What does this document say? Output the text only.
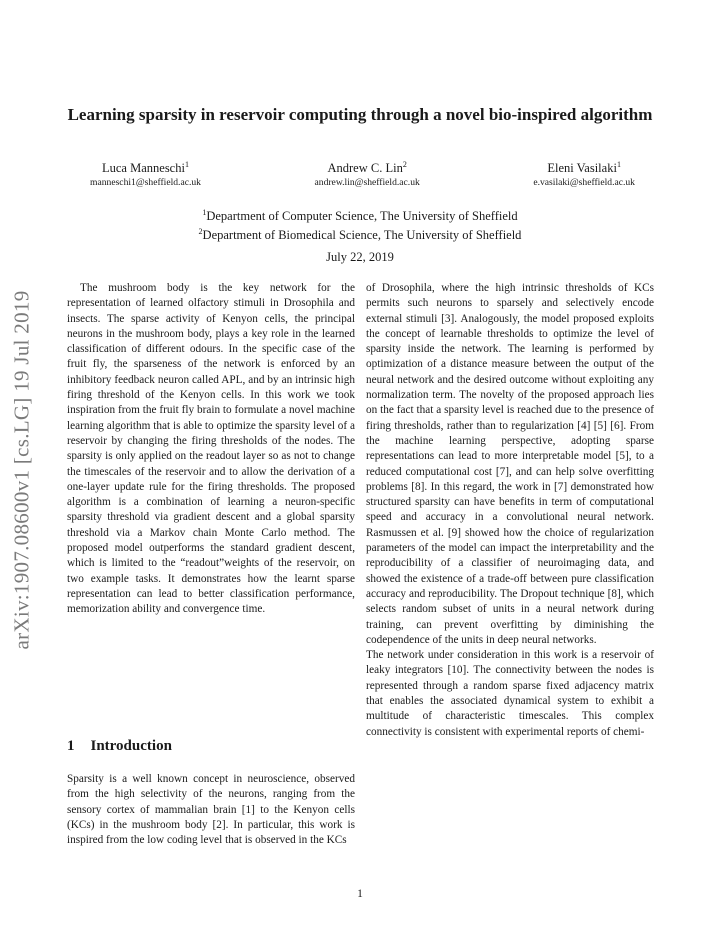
arXiv:1907.08600v1 [cs.LG] 19 Jul 2019
Learning sparsity in reservoir computing through a novel bio-inspired algorithm
Luca Manneschi$^1$
manneschi1@sheffield.ac.uk
Andrew C. Lin$^2$
andrew.lin@sheffield.ac.uk
Eleni Vasilaki$^1$
e.vasilaki@sheffield.ac.uk
$^1$Department of Computer Science, The University of Sheffield
$^2$Department of Biomedical Science, The University of Sheffield
July 22, 2019

The mushroom body is the key network for the representation of learned olfactory stimuli in Drosophila and insects. The sparse activity of Kenyon cells, the principal neurons in the mushroom body, plays a key role in the learned classification of different odours. In the specific case of the fruit fly, the sparseness of the network is enforced by an inhibitory feedback neuron called APL, and by an intrinsic high firing threshold of the Kenyon cells. In this work we took inspiration from the fruit fly brain to formulate a novel machine learning algorithm that is able to optimize the sparsity level of a reservoir by changing the firing thresholds of the nodes. The sparsity is only applied on the readout layer so as not to change the timescales of the reservoir and to allow the derivation of a one-layer update rule for the firing thresholds. The proposed algorithm is a combination of learning a neuron-specific sparsity threshold via gradient descent and a global sparsity threshold via a Markov chain Monte Carlo method. The proposed model outperforms the standard gradient descent, which is limited to the “readout”weights of the reservoir, on two example tasks. It demonstrates how the learnt sparse representation can lead to better classification performance, memorization ability and convergence time.

1 Introduction

Sparsity is a well known concept in neuroscience, observed from the high selectivity of the neurons, ranging from the sensory cortex of mammalian brain [1] to the Kenyon cells (KCs) in the mushroom body [2]. In particular, this work is inspired from the low coding level that is observed in the KCs

of Drosophila, where the high intrinsic thresholds of KCs permits such neurons to sparsely and selectively encode external stimuli [3]. Analogously, the model proposed exploits the concept of learnable thresholds to optimize the level of sparsity inside the network. The learning is performed by optimization of a distance measure between the output of the neural network and the desired outcome without exploiting any normalization term. The novelty of the proposed approach lies on the fact that a sparsity level is reached due to the presence of firing thresholds, rather than to regularization [4] [5] [6]. From the machine learning perspective, adopting sparse representations can lead to more interpretable model [5], to a reduced computational cost [7], and can help solve overfitting problems [8]. In this regard, the work in [7] demonstrated how structured sparsity can have benefits in term of computational speed and accuracy in a convolutional neural network. Rasmussen et al. [9] showed how the choice of regularization parameters of the model can impact the interpretability and the reproducibility of a classifier of neuroimaging data, and showed the existence of a trade-off between pure classification accuracy and reproducibility. The Dropout technique [8], which selects random subset of units in a neural network during training, can prevent overfitting by diminishing the codependence of the units in deep neural networks.

The network under consideration in this work is a reservoir of leaky integrators [10]. The connectivity between the nodes is represented through a random sparse fixed adjacency matrix that enables the associated dynamical system to exhibit a multitude of characteristic timescales. This complex connectivity is consistent with experimental reports of chemi-

1
